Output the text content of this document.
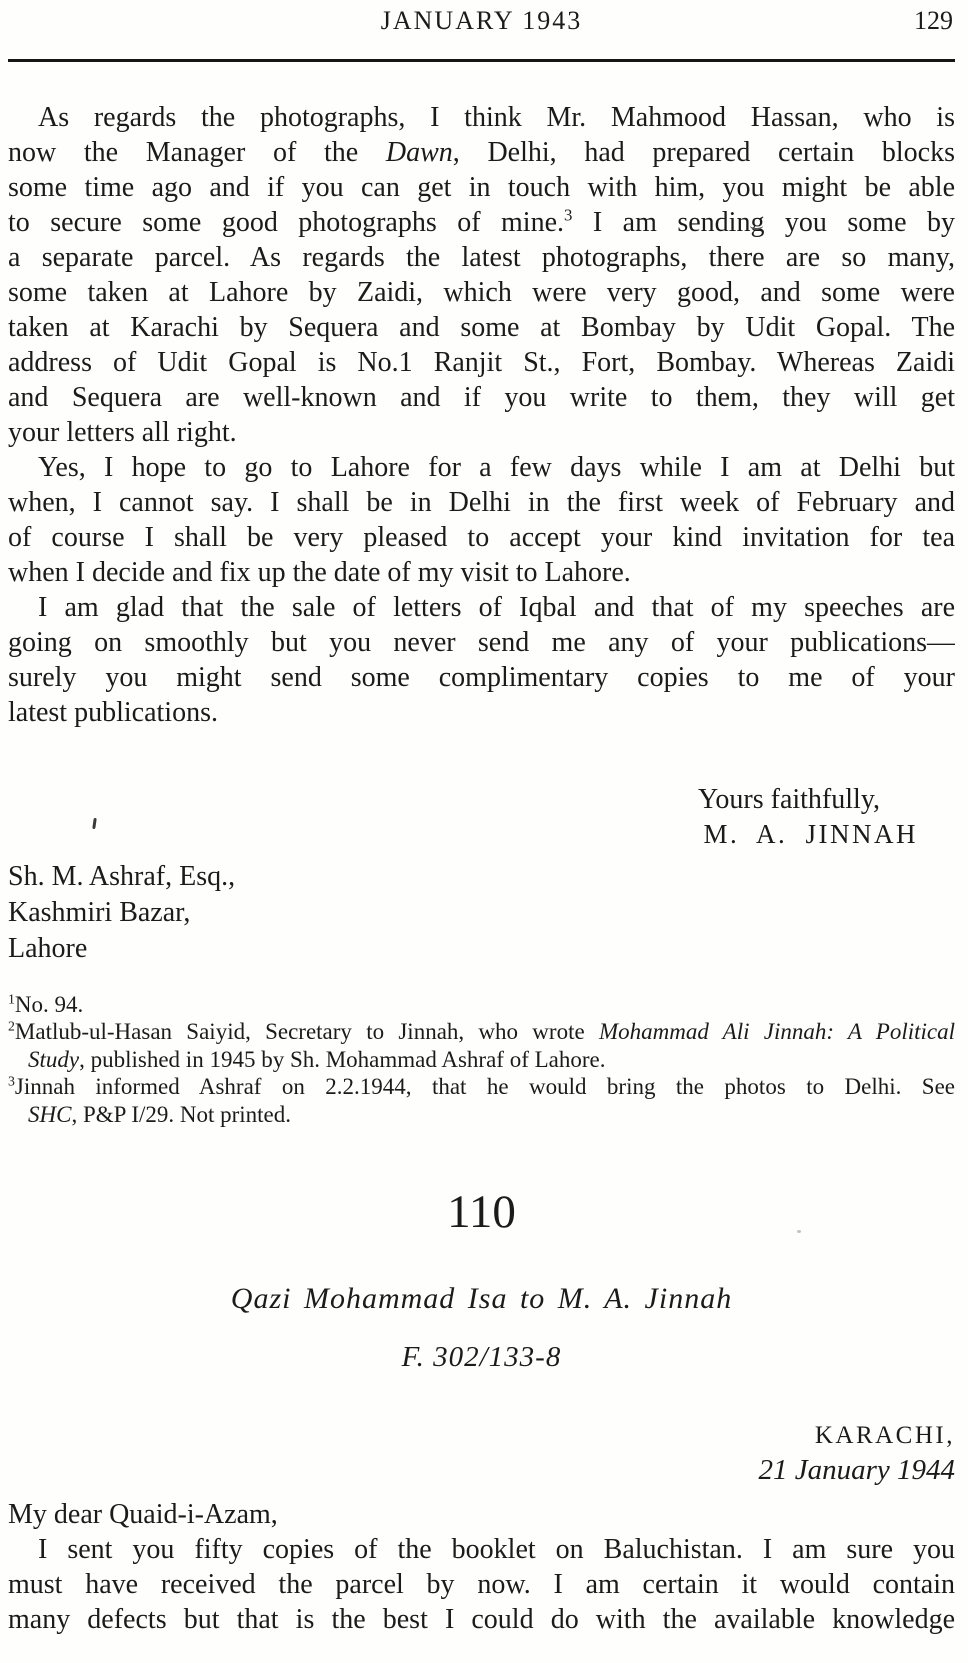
JANUARY 1943	129
As regards the photographs, I think Mr. Mahmood Hassan, who is
now the Manager of the Dawn, Delhi, had prepared certain blocks
some time ago and if you can get in touch with him, you might be able
to secure some good photographs of mine.$^3$ I am sending you some by
a separate parcel. As regards the latest photographs, there are so many,
some taken at Lahore by Zaidi, which were very good, and some were
taken at Karachi by Sequera and some at Bombay by Udit Gopal. The
address of Udit Gopal is No.1 Ranjit St., Fort, Bombay. Whereas Zaidi
and Sequera are well-known and if you write to them, they will get
your letters all right.
Yes, I hope to go to Lahore for a few days while I am at Delhi but
when, I cannot say. I shall be in Delhi in the first week of February and
of course I shall be very pleased to accept your kind invitation for tea
when I decide and fix up the date of my visit to Lahore.
I am glad that the sale of letters of Iqbal and that of my speeches are
going on smoothly but you never send me any of your publications—
surely you might send some complimentary copies to me of your
latest publications.
Yours faithfully,
M. A. JINNAH
Sh. M. Ashraf, Esq.,
Kashmiri Bazar,
Lahore
$^1$No. 94.
$^2$Matlub-ul-Hasan Saiyid, Secretary to Jinnah, who wrote Mohammad Ali Jinnah: A Political
Study, published in 1945 by Sh. Mohammad Ashraf of Lahore.
$^3$Jinnah informed Ashraf on 2.2.1944, that he would bring the photos to Delhi. See
SHC, P&P I/29. Not printed.
110
Qazi Mohammad Isa to M. A. Jinnah
F. 302/133-8
KARACHI,
21 January 1944
My dear Quaid-i-Azam,
I sent you fifty copies of the booklet on Baluchistan. I am sure you
must have received the parcel by now. I am certain it would contain
many defects but that is the best I could do with the available knowledge
